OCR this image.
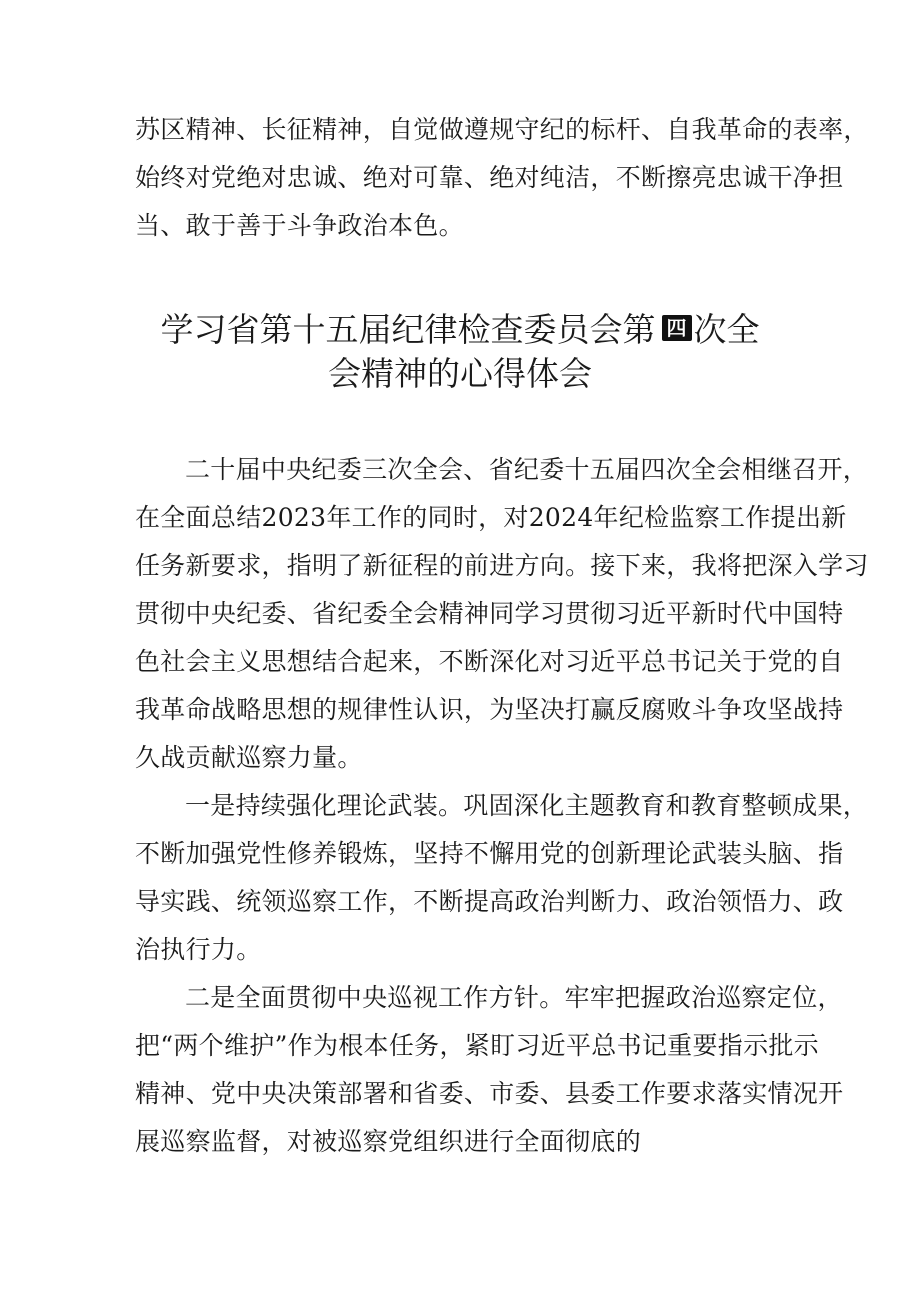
苏区精神、长征精神，自觉做遵规守纪的标杆、自我革命的表率，
始终对党绝对忠诚、绝对可靠、绝对纯洁，不断擦亮忠诚干净担
当、敢于善于斗争政治本色。
学习省第十五届纪律检查委员会第 四 次全
会精神的心得体会
二十届中央纪委三次全会、省纪委十五届四次全会相继召开，
在全面总结2023年工作的同时，对2024年纪检监察工作提出新
任务新要求，指明了新征程的前进方向。接下来，我将把深入学习
贯彻中央纪委、省纪委全会精神同学习贯彻习近平新时代中国特
色社会主义思想结合起来，不断深化对习近平总书记关于党的自
我革命战略思想的规律性认识，为坚决打赢反腐败斗争攻坚战持
久战贡献巡察力量。
一是持续强化理论武装。巩固深化主题教育和教育整顿成果，
不断加强党性修养锻炼，坚持不懈用党的创新理论武装头脑、指
导实践、统领巡察工作，不断提高政治判断力、政治领悟力、政
治执行力。
二是全面贯彻中央巡视工作方针。牢牢把握政治巡察定位，
把“两个维护”作为根本任务，紧盯习近平总书记重要指示批示
精神、党中央决策部署和省委、市委、县委工作要求落实情况开
展巡察监督，对被巡察党组织进行全面彻底的
